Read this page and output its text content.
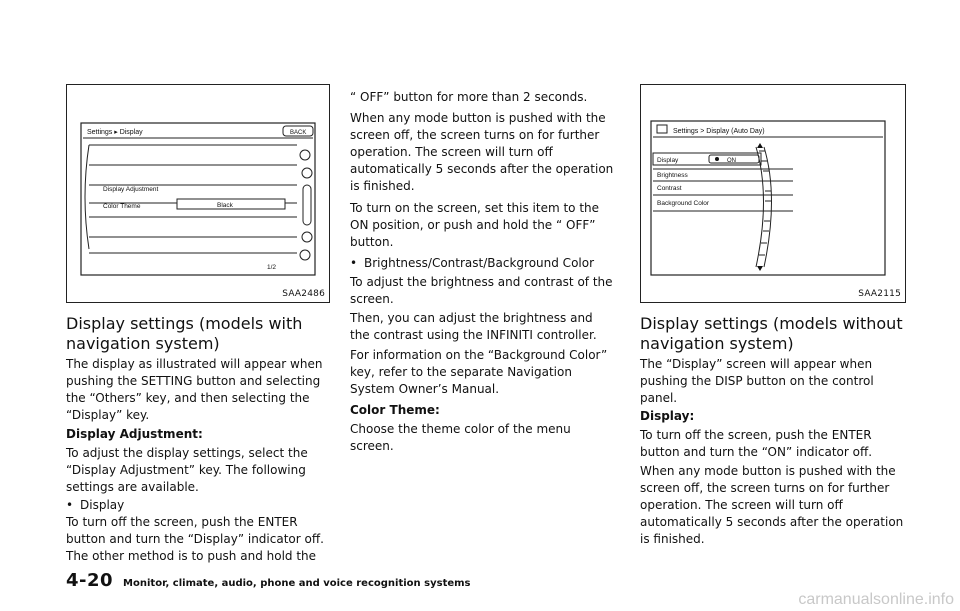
Settings ▸ Display	BACK
Display Adjustment
Color Theme	Black
1/2
SAA2486
Display settings (models with navigation system)

The display as illustrated will appear when pushing the SETTING button and selecting the “Others” key, and then selecting the “Display” key.

Display Adjustment:

To adjust the display settings, select the “Display Adjustment” key. The following settings are available.

• Display

To turn off the screen, push the ENTER button and turn the “Display” indicator off. The other method is to push and hold the

“ OFF” button for more than 2 seconds.

When any mode button is pushed with the screen off, the screen turns on for further operation. The screen will turn off automatically 5 seconds after the operation is finished.

To turn on the screen, set this item to the ON position, or push and hold the “ OFF” button.

• Brightness/Contrast/Background Color

To adjust the brightness and contrast of the screen.

Then, you can adjust the brightness and the contrast using the INFINITI controller.

For information on the “Background Color” key, refer to the separate Navigation System Owner’s Manual.

Color Theme:

Choose the theme color of the menu screen.

Settings > Display (Auto Day)
Display	ON
Brightness
Contrast
Background Color
SAA2115
Display settings (models without navigation system)

The “Display” screen will appear when pushing the DISP button on the control panel.

Display:

To turn off the screen, push the ENTER button and turn the “ON” indicator off.

When any mode button is pushed with the screen off, the screen turns on for further operation. The screen will turn off automatically 5 seconds after the operation is finished.

4-20 Monitor, climate, audio, phone and voice recognition systems
carmanualsonline.info
